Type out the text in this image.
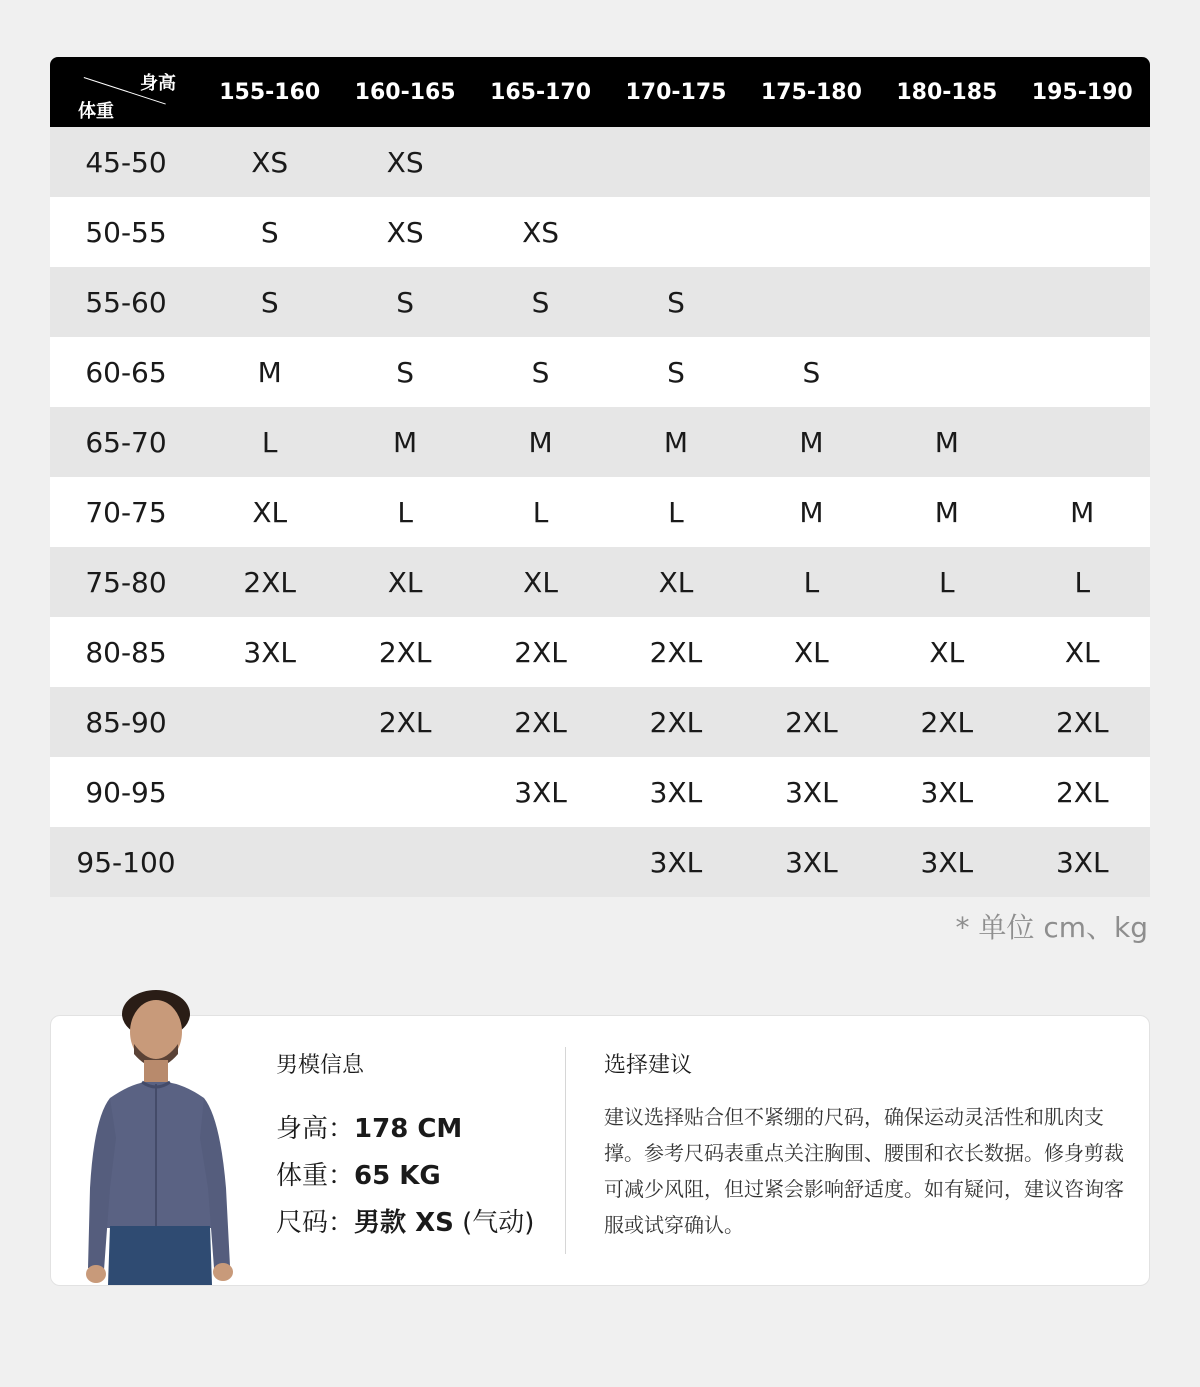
身高
体重	155-160	160-165	165-170	170-175	175-180	180-185	195-190
45-50	XS	XS					
50-55	S	XS	XS				
55-60	S	S	S	S			
60-65	M	S	S	S	S		
65-70	L	M	M	M	M	M	
70-75	XL	L	L	L	M	M	M
75-80	2XL	XL	XL	XL	L	L	L
80-85	3XL	2XL	2XL	2XL	XL	XL	XL
85-90		2XL	2XL	2XL	2XL	2XL	2XL
90-95			3XL	3XL	3XL	3XL	2XL
95-100				3XL	3XL	3XL	3XL
* 单位 cm、kg
男模信息
身高：178 CM
体重：65 KG
尺码：男款 XS (气动)
选择建议
建议选择贴合但不紧绷的尺码，确保运动灵活性和肌肉支撑。参考尺码表重点关注胸围、腰围和衣长数据。修身剪裁可减少风阻，但过紧会影响舒适度。如有疑问，建议咨询客服或试穿确认。
